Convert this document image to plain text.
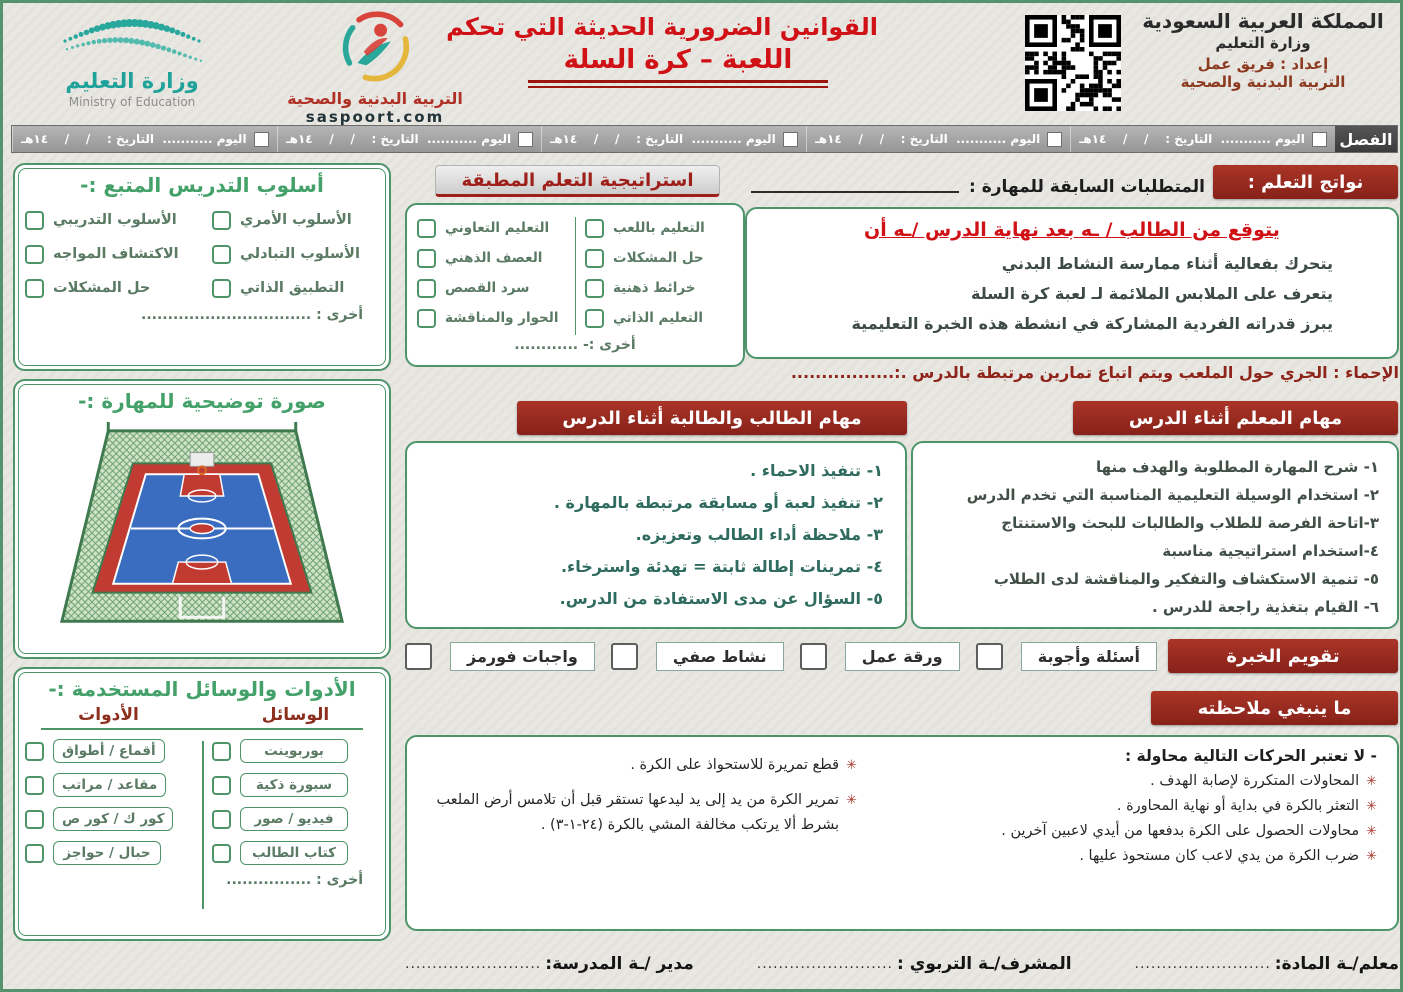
وزارة التعليم
Ministry of Education	التربية البدنية والصحية
saspoort.com
القوانين الضرورية الحديثة التي تحكم
اللعبة – كرة السلة
المملكة العربية السعودية
وزارة التعليم
إعداد : فريق عمل
التربية البدنية والصحية
الفصل
اليوم ...........  التاريخ :    /    /    ١٤هـ
اليوم ...........  التاريخ :    /    /    ١٤هـ
اليوم ...........  التاريخ :    /    /    ١٤هـ
اليوم ...........  التاريخ :    /    /    ١٤هـ
اليوم ...........  التاريخ :    /    /    ١٤هـ
أسلوب التدريس المتبع :-
الأسلوب الأمري
الأسلوب التدريبي
الأسلوب التبادلي
الاكتشاف المواجه
التطبيق الذاتي
حل المشكلات
أخرى : ................................
صورة توضيحية للمهارة :-
الأدوات والوسائل المستخدمة :-
الوسائل
الأدوات
بوربوينت
أقماع / أطواق
سبورة ذكية
مقاعد / مراتب
فيديو / صور
كور ك / كور ص
كتاب الطالب
حبال / حواجز
أخرى : ................
استراتيجية التعلم المطبقة
التعليم باللعب
التعليم التعاوني
حل المشكلات
العصف الذهني
خرائط ذهنية
سرد القصص
التعليم الذاتي
الحوار والمناقشة
أخرى :- ............
مهام الطالب والطالبة أثناء الدرس
١- تنفيذ الاحماء .
٢- تنفيذ لعبة أو مسابقة مرتبطة بالمهارة .
٣- ملاحظة أداء الطالب وتعزيزه.
٤- تمرينات إطالة ثابتة = تهدئة واسترخاء.
٥- السؤال عن مدى الاستفادة من الدرس.
نواتج التعلم :
المتطلبات السابقة للمهارة :
يتوقع من الطالب / ـه بعد نهاية الدرس /ـه أن
يتحرك بفعالية أثناء ممارسة النشاط البدني
يتعرف على الملابس الملائمة لـ لعبة كرة السلة
يبرز قدراته الفردية المشاركة في انشطة هذه الخبرة التعليمية
الإحماء : الجري حول الملعب ويتم اتباع تمارين مرتبطة بالدرس .:.................
مهام المعلم أثناء الدرس
١- شرح المهارة المطلوبة والهدف منها
٢- استخدام الوسيلة التعليمية المناسبة التي تخدم الدرس
٣-اتاحة الفرصة للطلاب والطالبات للبحث والاستنتاج
٤-استخدام استراتيجية مناسبة
٥- تنمية الاستكشاف والتفكير والمناقشة لدى الطلاب
٦- القيام بتغذية راجعة للدرس .
تقويم الخبرة
أسئلة وأجوبة
ورقة عمل
نشاط صفي
واجبات فورمز
ما ينبغي ملاحظته
- لا تعتبر الحركات التالية محاولة :
✳
المحاولات المتكررة لإصابة الهدف .
✳
التعثر بالكرة في بداية أو نهاية المحاورة .
✳
محاولات الحصول على الكرة بدفعها من أيدي لاعبين آخرين .
✳
ضرب الكرة من يدي لاعب كان مستحوذ عليها .
✳
قطع تمريرة للاستحواذ على الكرة .
✳
تمرير الكرة من يد إلى يد ليدعها تستقر قبل أن تلامس أرض الملعب بشرط ألا يرتكب مخالفة المشي بالكرة (٢٤-١-٣) .
معلم/ـة المادة:
.........................
المشرف/ـة التربوي :
.........................
مدير /ـة المدرسة:
.........................
